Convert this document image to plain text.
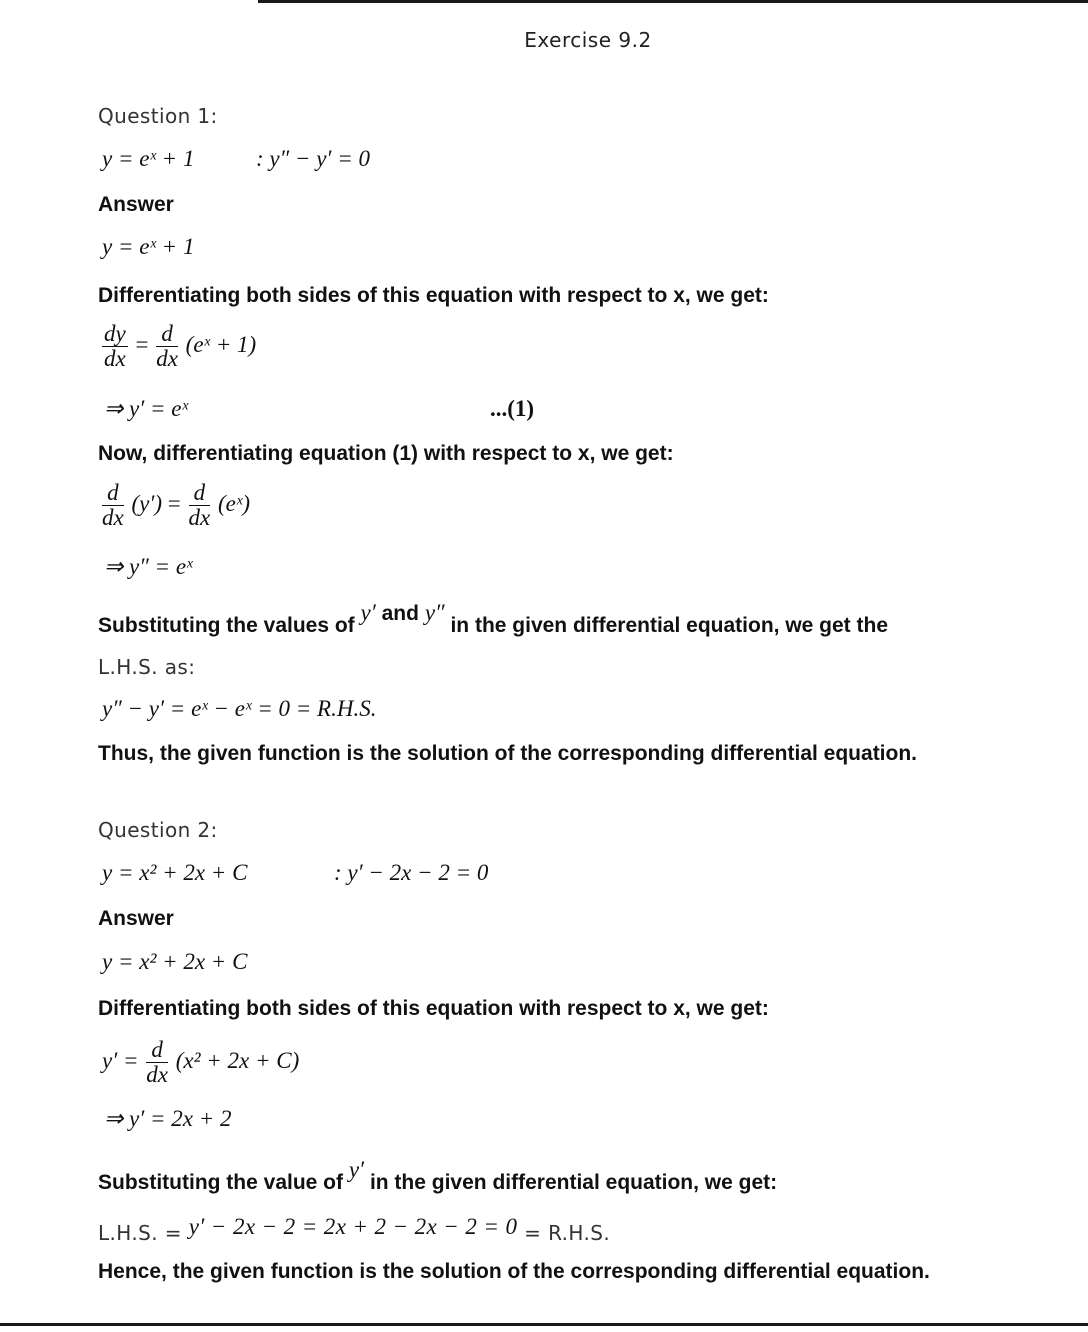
Exercise 9.2
Question 1:
y = eˣ + 1	: y″ − y′ = 0
Answer
y = eˣ + 1
Differentiating both sides of this equation with respect to x, we get:
$\frac{dy}{dx} = \frac{d}{dx}$ (eˣ + 1)
⇒ y′ = eˣ	...(1)
Now, differentiating equation (1) with respect to x, we get:
$\frac{d}{dx} (y') = \frac{d}{dx}$ (eˣ)
⇒ y″ = eˣ
Substituting the values of y′ and y″ in the given differential equation, we get the
L.H.S. as:
y″ − y′ = eˣ − eˣ = 0 = R.H.S.
Thus, the given function is the solution of the corresponding differential equation.
Question 2:
y = x² + 2x + C	: y′ − 2x − 2 = 0
Answer
y = x² + 2x + C
Differentiating both sides of this equation with respect to x, we get:
$y' = \frac{d}{dx} (x^2 + 2x + C)$
⇒ y′ = 2x + 2
Substituting the value of y′ in the given differential equation, we get:
L.H.S. = y′ − 2x − 2 = 2x + 2 − 2x − 2 = 0 = R.H.S.
Hence, the given function is the solution of the corresponding differential equation.
